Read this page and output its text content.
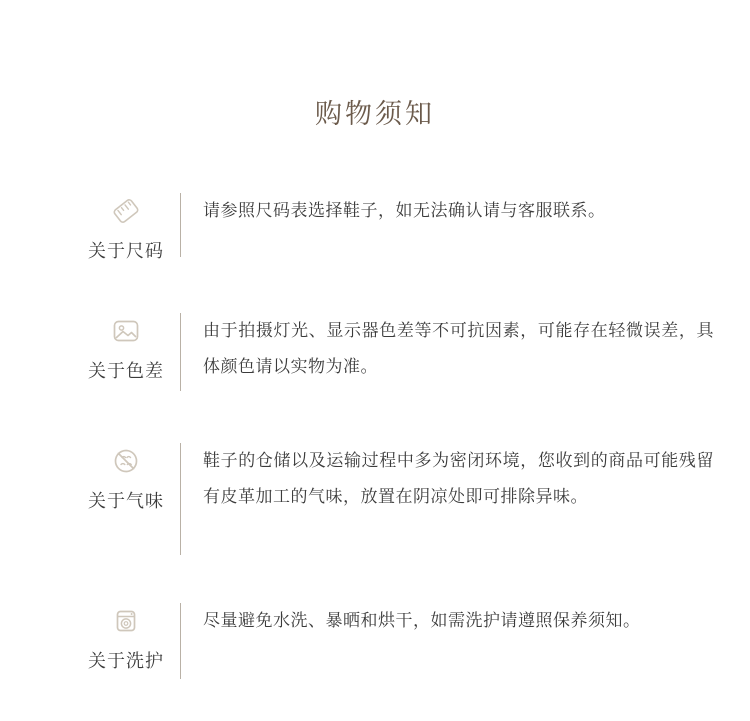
购物须知
关于尺码
请参照尺码表选择鞋子，如无法确认请与客服联系。
关于色差
由于拍摄灯光、显示器色差等不可抗因素，可能存在轻微误差，具体颜色请以实物为准。
关于气味
鞋子的仓储以及运输过程中多为密闭环境，您收到的商品可能残留有皮革加工的气味，放置在阴凉处即可排除异味。
关于洗护
尽量避免水洗、暴晒和烘干，如需洗护请遵照保养须知。
